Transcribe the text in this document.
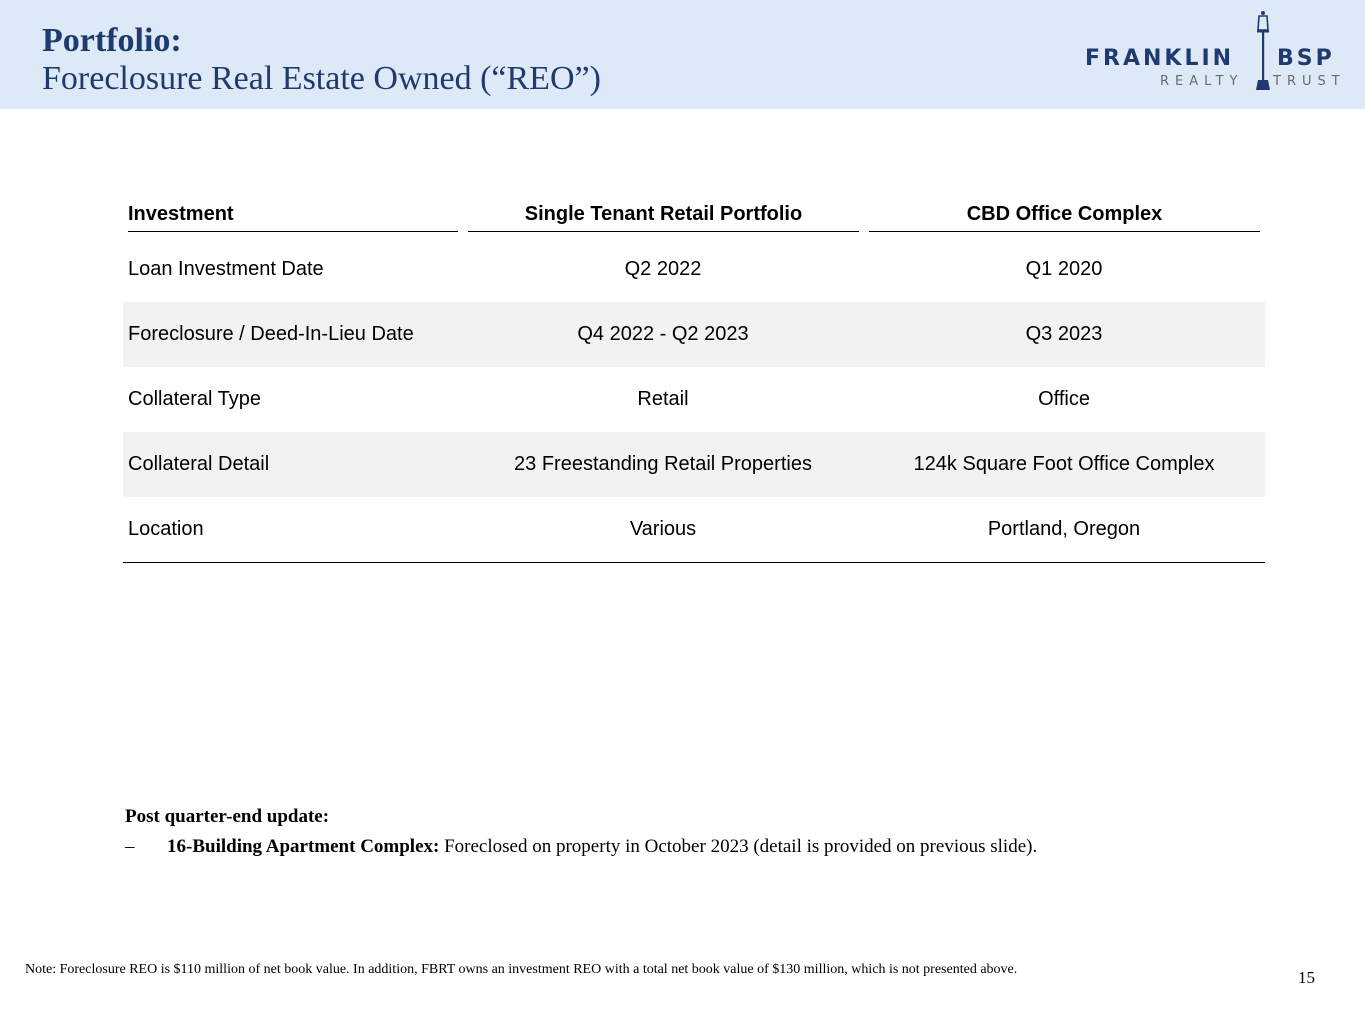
Portfolio:
Foreclosure Real Estate Owned (“REO”)
FRANKLIN BSP
REALTY TRUST
Investment	Single Tenant Retail Portfolio	CBD Office Complex
Loan Investment Date	Q2 2022	Q1 2020
Foreclosure / Deed-In-Lieu Date	Q4 2022 - Q2 2023	Q3 2023
Collateral Type	Retail	Office
Collateral Detail	23 Freestanding Retail Properties	124k Square Foot Office Complex
Location	Various	Portland, Oregon
Post quarter-end update:
– 16-Building Apartment Complex: Foreclosed on property in October 2023 (detail is provided on previous slide).
Note: Foreclosure REO is $110 million of net book value. In addition, FBRT owns an investment REO with a total net book value of $130 million, which is not presented above.	15
